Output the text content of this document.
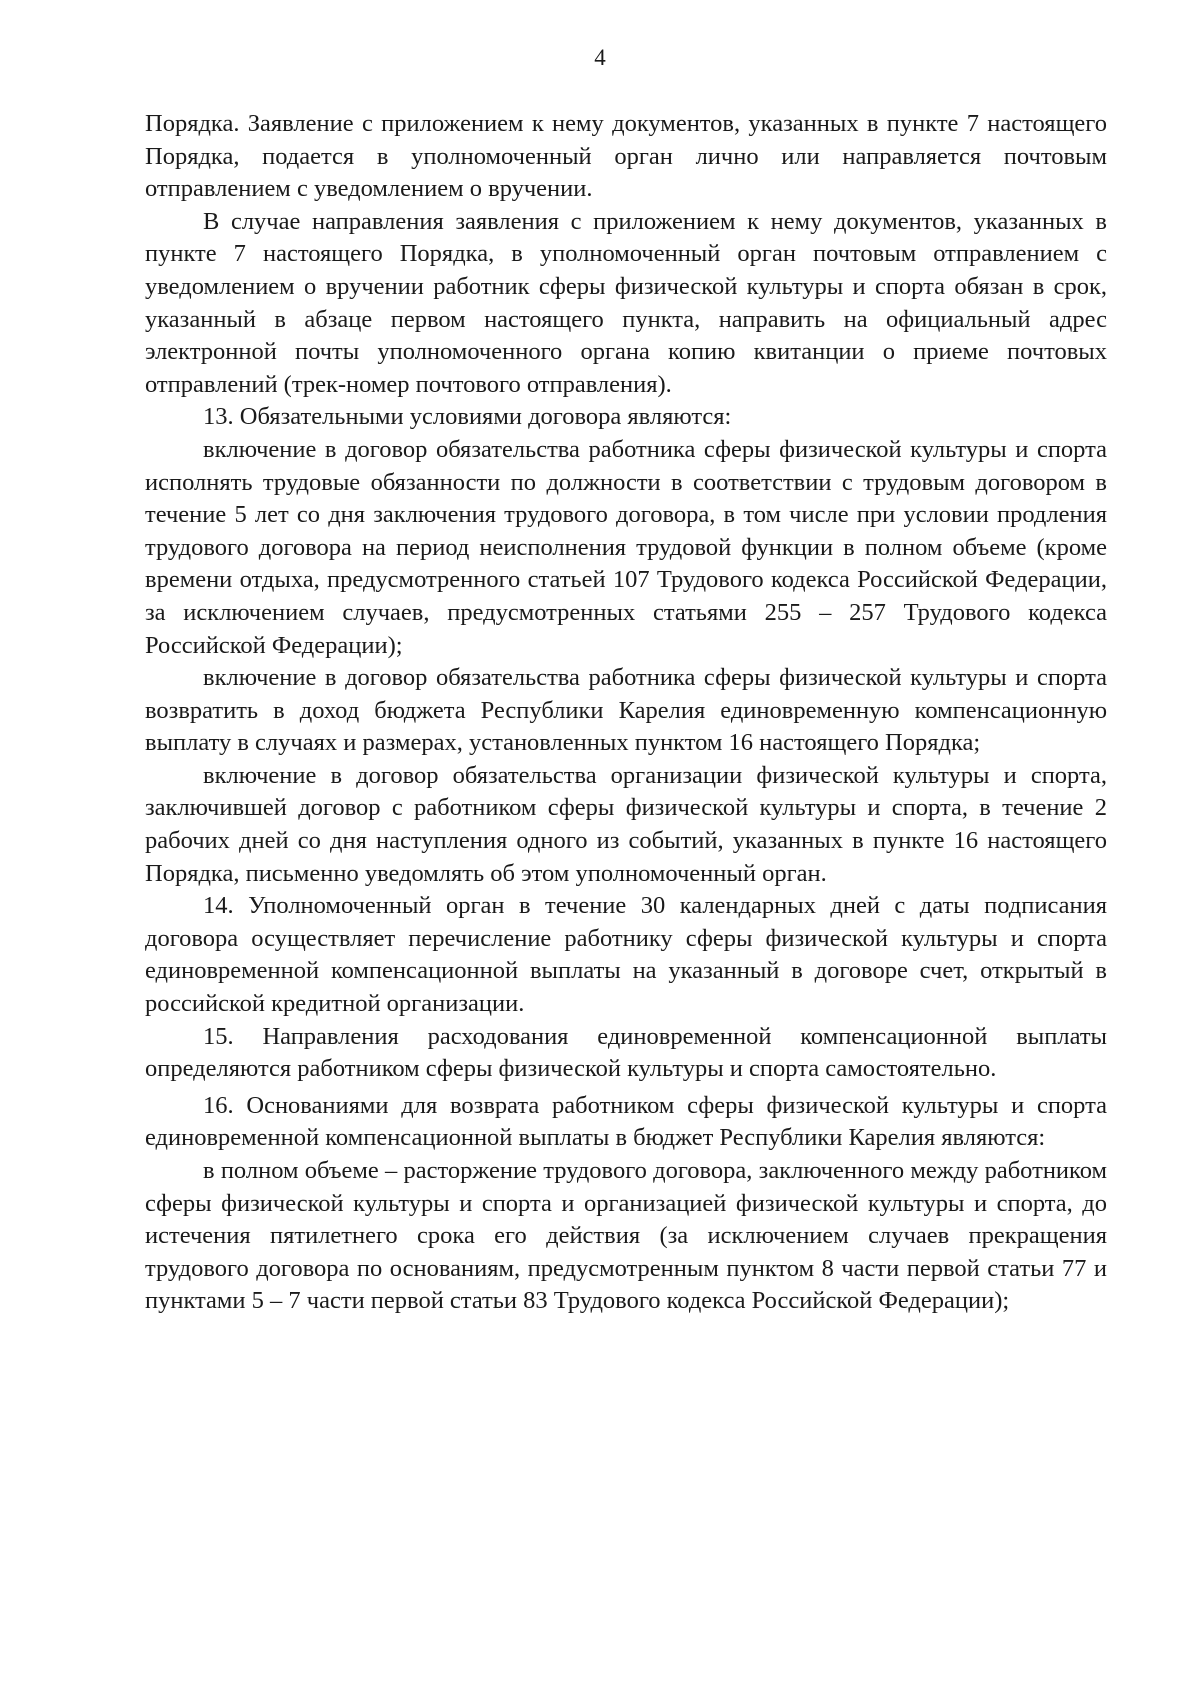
4

Порядка. Заявление с приложением к нему документов, указанных в пункте 7 настоящего Порядка, подается в уполномоченный орган лично или направляется почтовым отправлением с уведомлением о вручении.

В случае направления заявления с приложением к нему документов, указанных в пункте 7 настоящего Порядка, в уполномоченный орган почтовым отправлением с уведомлением о вручении работник сферы физической культуры и спорта обязан в срок, указанный в абзаце первом настоящего пункта, направить на официальный адрес электронной почты уполномоченного органа копию квитанции о приеме почтовых отправлений (трек-номер почтового отправления).

13. Обязательными условиями договора являются:

включение в договор обязательства работника сферы физической культуры и спорта исполнять трудовые обязанности по должности в соответствии с трудовым договором в течение 5 лет со дня заключения трудового договора, в том числе при условии продления трудового договора на период неисполнения трудовой функции в полном объеме (кроме времени отдыха, предусмотренного статьей 107 Трудового кодекса Российской Федерации, за исключением случаев, предусмотренных статьями 255 – 257 Трудового кодекса Российской Федерации);

включение в договор обязательства работника сферы физической культуры и спорта возвратить в доход бюджета Республики Карелия единовременную компенсационную выплату в случаях и размерах, установленных пунктом 16 настоящего Порядка;

включение в договор обязательства организации физической культуры и спорта, заключившей договор с работником сферы физической культуры и спорта, в течение 2 рабочих дней со дня наступления одного из событий, указанных в пункте 16 настоящего Порядка, письменно уведомлять об этом уполномоченный орган.

14. Уполномоченный орган в течение 30 календарных дней с даты подписания договора осуществляет перечисление работнику сферы физической культуры и спорта единовременной компенсационной выплаты на указанный в договоре счет, открытый в российской кредитной организации.

15. Направления расходования единовременной компенсационной выплаты определяются работником сферы физической культуры и спорта самостоятельно.

16. Основаниями для возврата работником сферы физической культуры и спорта единовременной компенсационной выплаты в бюджет Республики Карелия являются:

в полном объеме – расторжение трудового договора, заключенного между работником сферы физической культуры и спорта и организацией физической культуры и спорта, до истечения пятилетнего срока его действия (за исключением случаев прекращения трудового договора по основаниям, предусмотренным пунктом 8 части первой статьи 77 и пунктами 5 – 7 части первой статьи 83 Трудового кодекса Российской Федерации);
